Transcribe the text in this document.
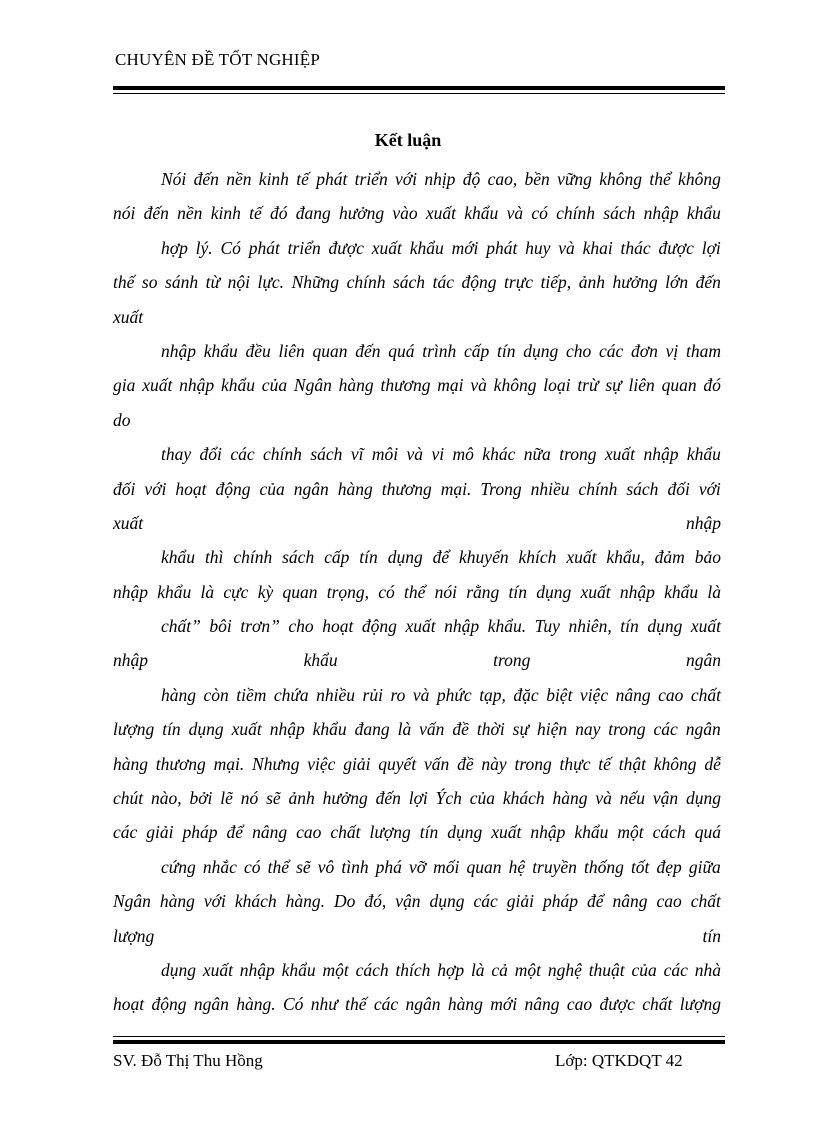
CHUYÊN ĐỀ TỐT NGHIỆP
Kết luận
Nói đến nền kinh tế phát triển với nhịp độ cao, bền vững không thể không
nói đến nền kinh tế đó đang hưởng vào xuất khẩu và có chính sách nhập khẩu
hợp lý. Có phát triển được xuất khẩu mới phát huy và khai thác được lợi
thế so sánh từ nội lực. Những chính sách tác động trực tiếp, ảnh hưởng lớn đến
xuất
nhập khẩu đều liên quan đến quá trình cấp tín dụng cho các đơn vị tham
gia xuất nhập khẩu của Ngân hàng thương mại và không loại trừ sự liên quan đó
do
thay đổi các chính sách vĩ môi và vi mô khác nữa trong xuất nhập khẩu
đối với hoạt động của ngân hàng thương mại. Trong nhiều chính sách đối với
xuất	nhập
khẩu thì chính sách cấp tín dụng để khuyến khích xuất khẩu, đảm bảo
nhập khẩu là cực kỳ quan trọng, có thể nói rằng tín dụng xuất nhập khẩu là
chất” bôi trơn” cho hoạt động xuất nhập khẩu. Tuy nhiên, tín dụng xuất
nhập	khẩu	trong	ngân
hàng còn tiềm chứa nhiều rủi ro và phức tạp, đặc biệt việc nâng cao chất
lượng tín dụng xuất nhập khẩu đang là vấn đề thời sự hiện nay trong các ngân
hàng thương mại. Nhưng việc giải quyết vấn đề này trong thực tế thật không dễ
chút nào, bởi lẽ nó sẽ ảnh hưởng đến lợi Ých của khách hàng và nếu vận dụng
các giải pháp để nâng cao chất lượng tín dụng xuất nhập khẩu một cách quá
cứng nhắc có thể sẽ vô tình phá vỡ mối quan hệ truyền thống tốt đẹp giữa
Ngân hàng với khách hàng. Do đó, vận dụng các giải pháp để nâng cao chất
lượng	tín
dụng xuất nhập khẩu một cách thích hợp là cả một nghệ thuật của các nhà
hoạt động ngân hàng. Có như thế các ngân hàng mới nâng cao được chất lượng
SV. Đỗ Thị Thu Hồng	Lớp: QTKDQT 42
